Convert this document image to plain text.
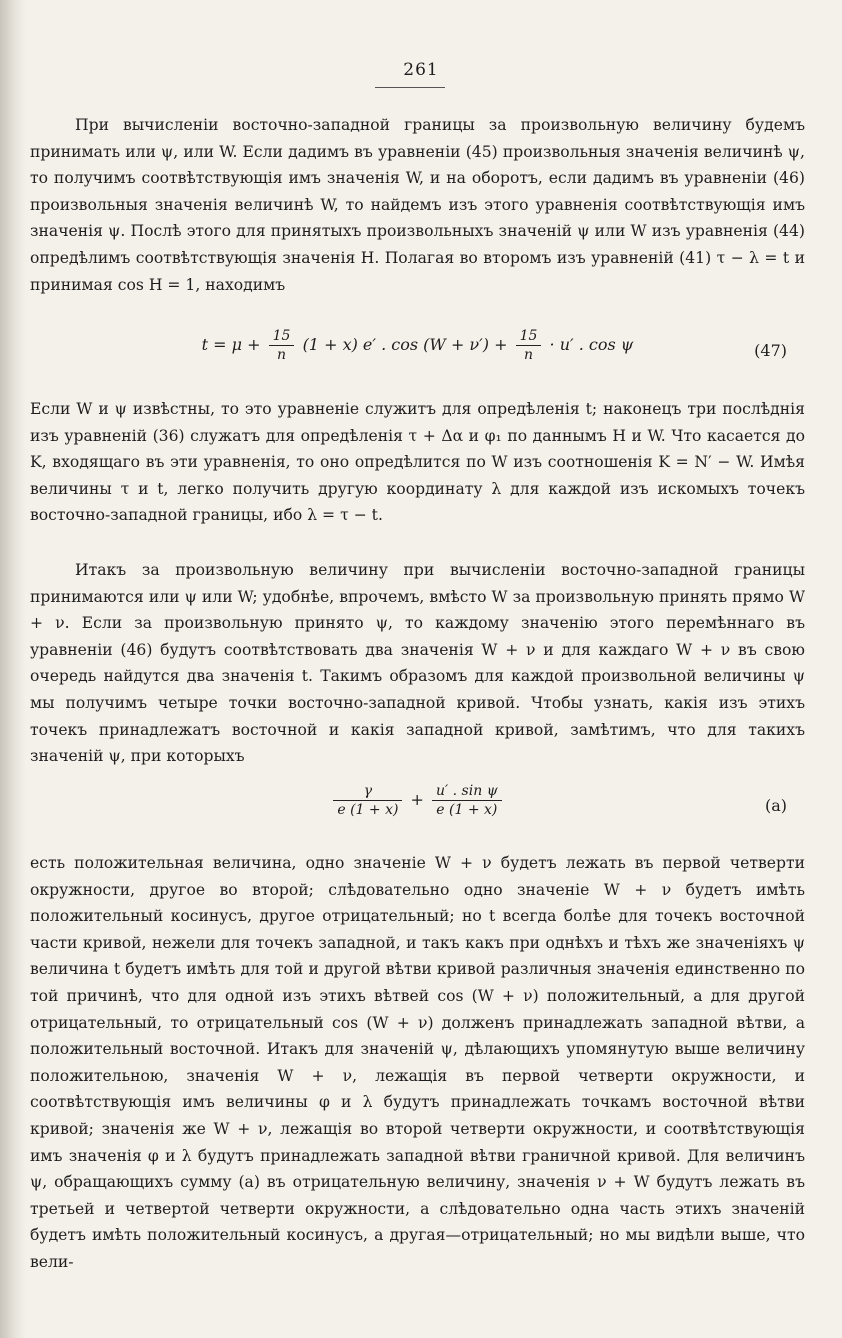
261

При вычисленіи восточно-западной границы за произвольную величину будемъ принимать или ψ, или W. Если дадимъ въ уравненіи (45) произвольныя значенія величинѣ ψ, то получимъ соотвѣтствующія имъ значенія W, и на оборотъ, если дадимъ въ уравненіи (46) произвольныя значенія величинѣ W, то найдемъ изъ этого уравненія соотвѣтствующія имъ значенія ψ. Послѣ этого для принятыхъ произвольныхъ значеній ψ или W изъ уравненія (44) опредѣлимъ соотвѣтствующія значенія H. Полагая во второмъ изъ уравненій (41) τ − λ = t и принимая cos H = 1, находимъ

$t = \mu + \frac{15}{n} (1 + x)$ e′ . $\cos (W + \nu') + \frac{15}{n} \cdot u'$ . cos ψ	(47)

Если W и ψ извѣстны, то это уравненіе служитъ для опредѣленія t; наконецъ три послѣднія изъ уравненій (36) служатъ для опредѣленія τ + Δα и φ₁ по даннымъ H и W. Что касается до K, входящаго въ эти уравненія, то оно опредѣлится по W изъ соотношенія K = N′ − W. Имѣя величины τ и t, легко получить другую координату λ для каждой изъ искомыхъ точекъ восточно-западной границы, ибо λ = τ − t.

Итакъ за произвольную величину при вычисленіи восточно-западной границы принимаются или ψ или W; удобнѣе, впрочемъ, вмѣсто W за произвольную принять прямо W + ν. Если за произвольную принято ψ, то каждому значенію этого перемѣннаго въ уравненіи (46) будутъ соотвѣтствовать два значенія W + ν и для каждаго W + ν въ свою очередь найдутся два значенія t. Такимъ образомъ для каждой произвольной величины ψ мы получимъ четыре точки восточно-западной кривой. Чтобы узнать, какія изъ этихъ точекъ принадлежатъ восточной и какія западной кривой, замѣтимъ, что для такихъ значеній ψ, при которыхъ

$\frac{\gamma}{e (1 + x)} + \frac{\text{u′ . sin ψ}}{e (1 + x)}$	(a)

есть положительная величина, одно значеніе W + ν будетъ лежать въ первой четверти окружности, другое во второй; слѣдовательно одно значеніе W + ν будетъ имѣть положительный косинусъ, другое отрицательный; но t всегда болѣе для точекъ восточной части кривой, нежели для точекъ западной, и такъ какъ при однѣхъ и тѣхъ же значеніяхъ ψ величина t будетъ имѣть для той и другой вѣтви кривой различныя значенія единственно по той причинѣ, что для одной изъ этихъ вѣтвей cos (W + ν) положительный, а для другой отрицательный, то отрицательный cos (W + ν) долженъ принадлежать западной вѣтви, а положительный восточной. Итакъ для значеній ψ, дѣлающихъ упомянутую выше величину положительною, значенія W + ν, лежащія въ первой четверти окружности, и соотвѣтствующія имъ величины φ и λ будутъ принадлежать точкамъ восточной вѣтви кривой; значенія же W + ν, лежащія во второй четверти окружности, и соотвѣтствующія имъ значенія φ и λ будутъ принадлежать западной вѣтви граничной кривой. Для величинъ ψ, обращающихъ сумму (a) въ отрицательную величину, значенія ν + W будутъ лежать въ третьей и четвертой четверти окружности, а слѣдовательно одна часть этихъ значеній будетъ имѣть положительный косинусъ, а другая—отрицательный; но мы видѣли выше, что вели-
